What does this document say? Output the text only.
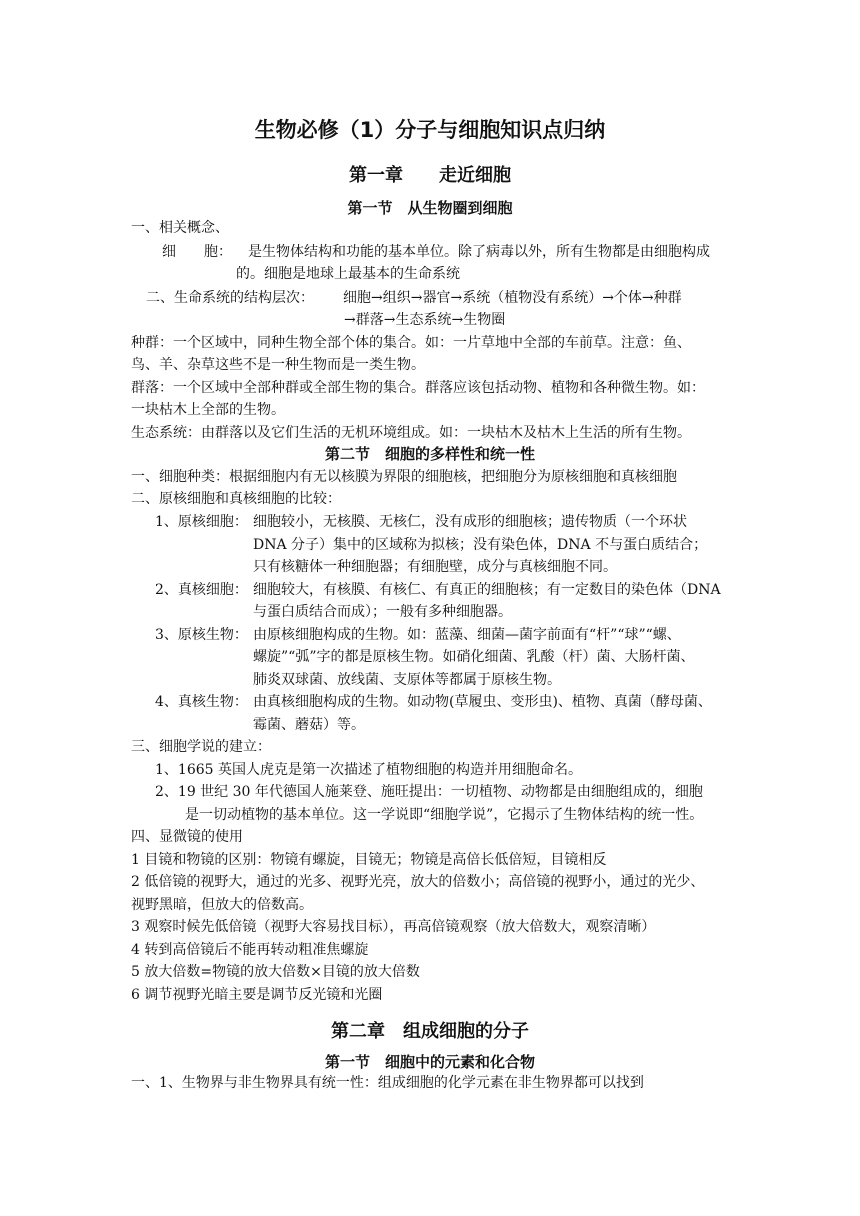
生物必修（1）分子与细胞知识点归纳
第一章　　走近细胞
第一节　从生物圈到细胞
一、相关概念、
细　　胞： 是生物体结构和功能的基本单位。除了病毒以外，所有生物都是由细胞构成
的。细胞是地球上最基本的生命系统
二、生命系统的结构层次： 细胞→组织→器官→系统（植物没有系统）→个体→种群
→群落→生态系统→生物圈
种群：一个区域中，同种生物全部个体的集合。如：一片草地中全部的车前草。注意：鱼、
鸟、羊、杂草这些不是一种生物而是一类生物。
群落：一个区域中全部种群或全部生物的集合。群落应该包括动物、植物和各种微生物。如：
一块枯木上全部的生物。
生态系统：由群落以及它们生活的无机环境组成。如：一块枯木及枯木上生活的所有生物。
第二节　细胞的多样性和统一性
一、细胞种类：根据细胞内有无以核膜为界限的细胞核，把细胞分为原核细胞和真核细胞
二、原核细胞和真核细胞的比较：
1、原核细胞： 细胞较小，无核膜、无核仁，没有成形的细胞核；遗传物质（一个环状
DNA 分子）集中的区域称为拟核；没有染色体，DNA 不与蛋白质结合；
只有核糖体一种细胞器；有细胞壁，成分与真核细胞不同。
2、真核细胞： 细胞较大，有核膜、有核仁、有真正的细胞核；有一定数目的染色体（DNA
与蛋白质结合而成）；一般有多种细胞器。
3、原核生物： 由原核细胞构成的生物。如：蓝藻、细菌—菌字前面有“杆”“球”“螺、
螺旋”“弧”字的都是原核生物。如硝化细菌、乳酸（杆）菌、大肠杆菌、
肺炎双球菌、放线菌、支原体等都属于原核生物。
4、真核生物： 由真核细胞构成的生物。如动物(草履虫、变形虫)、植物、真菌（酵母菌、
霉菌、蘑菇）等。
三、细胞学说的建立：
1、1665 英国人虎克是第一次描述了植物细胞的构造并用细胞命名。
2、19 世纪 30 年代德国人施莱登、施旺提出：一切植物、动物都是由细胞组成的，细胞
是一切动植物的基本单位。这一学说即“细胞学说”，它揭示了生物体结构的统一性。
四、显微镜的使用
1 目镜和物镜的区别：物镜有螺旋，目镜无；物镜是高倍长低倍短，目镜相反
2 低倍镜的视野大，通过的光多、视野光亮，放大的倍数小；高倍镜的视野小，通过的光少、
视野黑暗，但放大的倍数高。
3 观察时候先低倍镜（视野大容易找目标），再高倍镜观察（放大倍数大，观察清晰）
4 转到高倍镜后不能再转动粗准焦螺旋
5 放大倍数=物镜的放大倍数×目镜的放大倍数
6 调节视野光暗主要是调节反光镜和光圈
第二章　组成细胞的分子
第一节　细胞中的元素和化合物
一、1、生物界与非生物界具有统一性：组成细胞的化学元素在非生物界都可以找到
